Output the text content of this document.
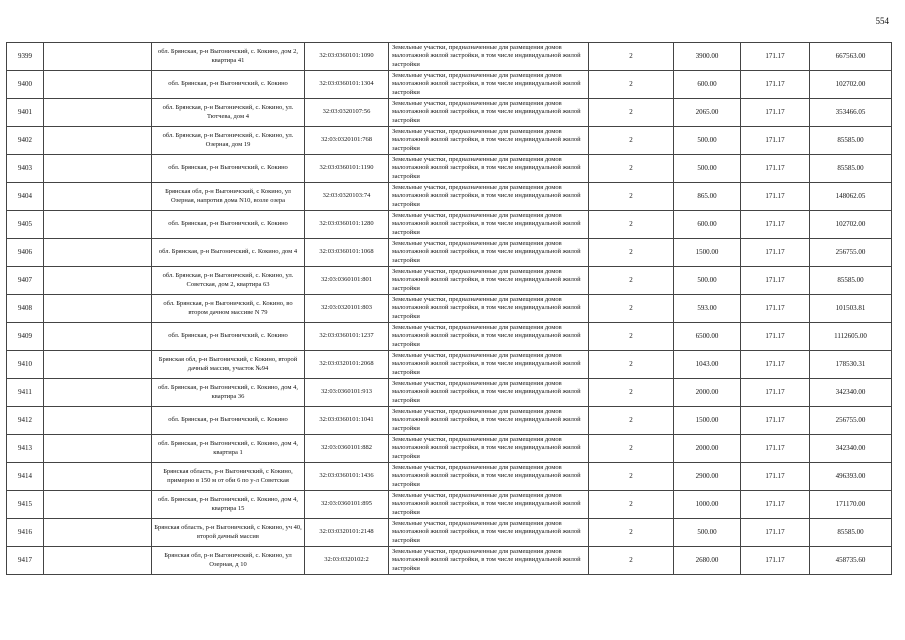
554
9399		обл. Брянская, р-н Выгоничский, с. Кокино, дом 2, квартира 41	32:03:0360101:1090	Земельные участки, предназначенные для размещения домов малоэтажной жилой застройки, в том числе индивидуальной жилой застройки	2	3900.00	171.17	667563.00
9400		обл. Брянская, р-н Выгоничский, с. Кокино	32:03:0360101:1304	Земельные участки, предназначенные для размещения домов малоэтажной жилой застройки, в том числе индивидуальной жилой застройки	2	600.00	171.17	102702.00
9401		обл. Брянская, р-н Выгоничский, с. Кокино, ул. Тютчева, дом 4	32:03:0320107:56	Земельные участки, предназначенные для размещения домов малоэтажной жилой застройки, в том числе индивидуальной жилой застройки	2	2065.00	171.17	353466.05
9402		обл. Брянская, р-н Выгоничский, с. Кокино, ул. Озерная, дом 19	32:03:0320101:768	Земельные участки, предназначенные для размещения домов малоэтажной жилой застройки, в том числе индивидуальной жилой застройки	2	500.00	171.17	85585.00
9403		обл. Брянская, р-н Выгоничский, с. Кокино	32:03:0360101:1190	Земельные участки, предназначенные для размещения домов малоэтажной жилой застройки, в том числе индивидуальной жилой застройки	2	500.00	171.17	85585.00
9404		Брянская обл, р-н Выгоничский, с Кокино, ул Озерная, напротив дома N10, возле озера	32:03:0320103:74	Земельные участки, предназначенные для размещения домов малоэтажной жилой застройки, в том числе индивидуальной жилой застройки	2	865.00	171.17	148062.05
9405		обл. Брянская, р-н Выгоничский, с. Кокино	32:03:0360101:1280	Земельные участки, предназначенные для размещения домов малоэтажной жилой застройки, в том числе индивидуальной жилой застройки	2	600.00	171.17	102702.00
9406		обл. Брянская, р-н Выгоничский, с. Кокино, дом 4	32:03:0360101:1068	Земельные участки, предназначенные для размещения домов малоэтажной жилой застройки, в том числе индивидуальной жилой застройки	2	1500.00	171.17	256755.00
9407		обл. Брянская, р-н Выгоничский, с. Кокино, ул. Советская, дом 2, квартира 63	32:03:0360101:801	Земельные участки, предназначенные для размещения домов малоэтажной жилой застройки, в том числе индивидуальной жилой застройки	2	500.00	171.17	85585.00
9408		обл. Брянская, р-н Выгоничский, с. Кокино, во втором дачном массиве N 79	32:03:0320101:803	Земельные участки, предназначенные для размещения домов малоэтажной жилой застройки, в том числе индивидуальной жилой застройки	2	593.00	171.17	101503.81
9409		обл. Брянская, р-н Выгоничский, с. Кокино	32:03:0360101:1237	Земельные участки, предназначенные для размещения домов малоэтажной жилой застройки, в том числе индивидуальной жилой застройки	2	6500.00	171.17	1112605.00
9410		Брянская обл, р-н Выгоничский, с Кокино, второй дачный массив, участок №94	32:03:0320101:2068	Земельные участки, предназначенные для размещения домов малоэтажной жилой застройки, в том числе индивидуальной жилой застройки	2	1043.00	171.17	178530.31
9411		обл. Брянская, р-н Выгоничский, с. Кокино, дом 4, квартира 36	32:03:0360101:913	Земельные участки, предназначенные для размещения домов малоэтажной жилой застройки, в том числе индивидуальной жилой застройки	2	2000.00	171.17	342340.00
9412		обл. Брянская, р-н Выгоничский, с. Кокино	32:03:0360101:1041	Земельные участки, предназначенные для размещения домов малоэтажной жилой застройки, в том числе индивидуальной жилой застройки	2	1500.00	171.17	256755.00
9413		обл. Брянская, р-н Выгоничский, с. Кокино, дом 4, квартира 1	32:03:0360101:882	Земельные участки, предназначенные для размещения домов малоэтажной жилой застройки, в том числе индивидуальной жилой застройки	2	2000.00	171.17	342340.00
9414		Брянская область, р-н Выгоничский, с Кокино, примерно в 150 м от оби 6 по у-л Советская	32:03:0360101:1436	Земельные участки, предназначенные для размещения домов малоэтажной жилой застройки, в том числе индивидуальной жилой застройки	2	2900.00	171.17	496393.00
9415		обл. Брянская, р-н Выгоничский, с. Кокино, дом 4, квартира 15	32:03:0360101:895	Земельные участки, предназначенные для размещения домов малоэтажной жилой застройки, в том числе индивидуальной жилой застройки	2	1000.00	171.17	171170.00
9416		Брянская область, р-н Выгоничский, с Кокино, уч 40, второй дачный массив	32:03:0320101:2148	Земельные участки, предназначенные для размещения домов малоэтажной жилой застройки, в том числе индивидуальной жилой застройки	2	500.00	171.17	85585.00
9417		Брянская обл, р-н Выгоничский, с. Кокино, ул Озерная, д 10	32:03:0320102:2	Земельные участки, предназначенные для размещения домов малоэтажной жилой застройки, в том числе индивидуальной жилой застройки	2	2680.00	171.17	458735.60
